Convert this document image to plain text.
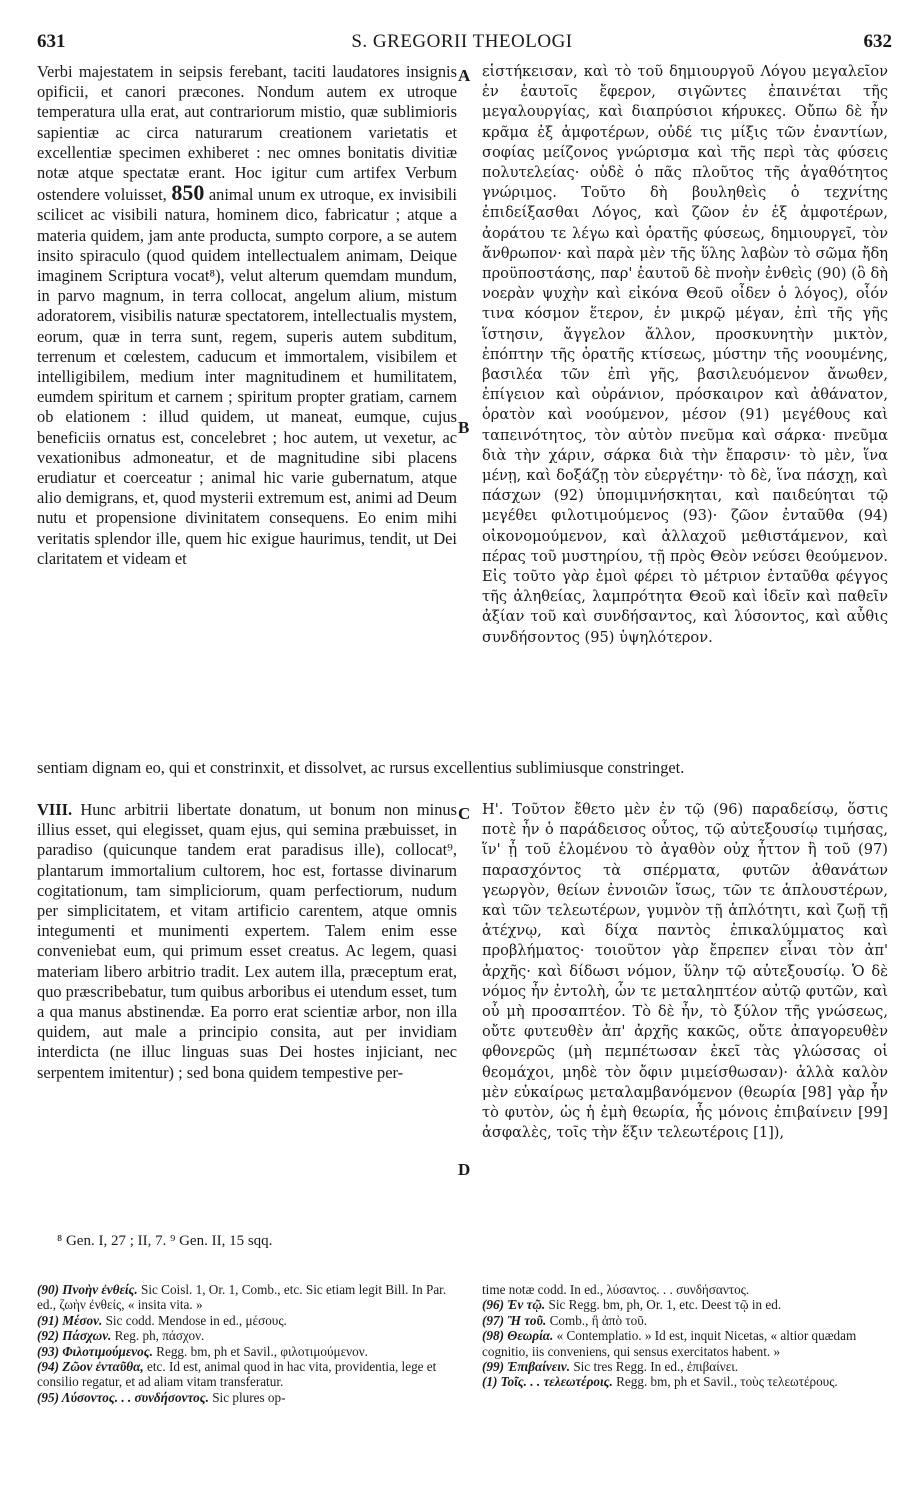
631	S. GREGORII THEOLOGI	632
A
B
C
D

Verbi majestatem in seipsis ferebant, taciti laudatores insignis opificii, et canori præcones. Nondum autem ex utroque temperatura ulla erat, aut contrariorum mistio, quæ sublimioris sapientiæ ac circa naturarum creationem varietatis et excellentiæ specimen exhiberet : nec omnes bonitatis divitiæ notæ atque spectatæ erant. Hoc igitur cum artifex Verbum ostendere voluisset, 850 animal unum ex utroque, ex invisibili scilicet ac visibili natura, hominem dico, fabricatur ; atque a materia quidem, jam ante producta, sumpto corpore, a se autem insito spiraculo (quod quidem intellectualem animam, Deique imaginem Scriptura vocat⁸), velut alterum quemdam mundum, in parvo magnum, in terra collocat, angelum alium, mistum adoratorem, visibilis naturæ spectatorem, intellectualis mystem, eorum, quæ in terra sunt, regem, superis autem subditum, terrenum et cœlestem, caducum et immortalem, visibilem et intelligibilem, medium inter magnitudinem et humilitatem, eumdem spiritum et carnem ; spiritum propter gratiam, carnem ob elationem : illud quidem, ut maneat, eumque, cujus beneficiis ornatus est, concelebret ; hoc autem, ut vexetur, ac vexationibus admoneatur, et de magnitudine sibi placens erudiatur et coerceatur ; animal hic varie gubernatum, atque alio demigrans, et, quod mysterii extremum est, animi ad Deum nutu et propensione divinitatem consequens. Eo enim mihi veritatis splendor ille, quem hic exigue haurimus, tendit, ut Dei claritatem et videam et

εἱστήκεισαν, καὶ τὸ τοῦ δημιουργοῦ Λόγου μεγαλεῖον ἐν ἑαυτοῖς ἔφερον, σιγῶντες ἐπαινέται τῆς μεγαλουργίας, καὶ διαπρύσιοι κήρυκες. Οὔπω δὲ ἦν κρᾶμα ἐξ ἀμφοτέρων, οὐδέ τις μίξις τῶν ἐναντίων, σοφίας μείζονος γνώρισμα καὶ τῆς περὶ τὰς φύσεις πολυτελείας· οὐδὲ ὁ πᾶς πλοῦτος τῆς ἀγαθότητος γνώριμος. Τοῦτο δὴ βουληθεὶς ὁ τεχνίτης ἐπιδείξασθαι Λόγος, καὶ ζῶον ἐν ἐξ ἀμφοτέρων, ἀοράτου τε λέγω καὶ ὁρατῆς φύσεως, δημιουργεῖ, τὸν ἄνθρωπον· καὶ παρὰ μὲν τῆς ὕλης λαβὼν τὸ σῶμα ἤδη προϋποστάσης, παρ' ἑαυτοῦ δὲ πνοὴν ἐνθεὶς (90) (ὃ δὴ νοερὰν ψυχὴν καὶ εἰκόνα Θεοῦ οἶδεν ὁ λόγος), οἷόν τινα κόσμον ἕτερον, ἐν μικρῷ μέγαν, ἐπὶ τῆς γῆς ἵστησιν, ἄγγελον ἄλλον, προσκυνητὴν μικτὸν, ἐπόπτην τῆς ὁρατῆς κτίσεως, μύστην τῆς νοουμένης, βασιλέα τῶν ἐπὶ γῆς, βασιλευόμενον ἄνωθεν, ἐπίγειον καὶ οὐράνιον, πρόσκαιρον καὶ ἀθάνατον, ὁρατὸν καὶ νοούμενον, μέσον (91) μεγέθους καὶ ταπεινότητος, τὸν αὐτὸν πνεῦμα καὶ σάρκα· πνεῦμα διὰ τὴν χάριν, σάρκα διὰ τὴν ἔπαρσιν· τὸ μὲν, ἵνα μένῃ, καὶ δοξάζῃ τὸν εὐεργέτην· τὸ δὲ, ἵνα πάσχῃ, καὶ πάσχων (92) ὑπομιμνήσκηται, καὶ παιδεύηται τῷ μεγέθει φιλοτιμούμενος (93)· ζῶον ἐνταῦθα (94) οἰκονομούμενον, καὶ ἀλλαχοῦ μεθιστάμενον, καὶ πέρας τοῦ μυστηρίου, τῇ πρὸς Θεὸν νεύσει θεούμενον. Εἰς τοῦτο γὰρ ἐμοὶ φέρει τὸ μέτριον ἐνταῦθα φέγγος τῆς ἀληθείας, λαμπρότητα Θεοῦ καὶ ἰδεῖν καὶ παθεῖν ἀξίαν τοῦ καὶ συνδήσαντος, καὶ λύσοντος, καὶ αὖθις συνδήσοντος (95) ὑψηλότερον.

sentiam dignam eo, qui et constrinxit, et dissolvet, ac rursus excellentius sublimiusque constringet.

VIII. Hunc arbitrii libertate donatum, ut bonum non minus illius esset, qui elegisset, quam ejus, qui semina præbuisset, in paradiso (quicunque tandem erat paradisus ille), collocat⁹, plantarum immortalium cultorem, hoc est, fortasse divinarum cogitationum, tam simpliciorum, quam perfectiorum, nudum per simplicitatem, et vitam artificio carentem, atque omnis integumenti et munimenti expertem. Talem enim esse conveniebat eum, qui primum esset creatus. Ac legem, quasi materiam libero arbitrio tradit. Lex autem illa, præceptum erat, quo præscribebatur, tum quibus arboribus ei utendum esset, tum a qua manus abstinendæ. Ea porro erat scientiæ arbor, non illa quidem, aut male a principio consita, aut per invidiam interdicta (ne illuc linguas suas Dei hostes injiciant, nec serpentem imitentur) ; sed bona quidem tempestive per-

Η'. Τοῦτον ἔθετο μὲν ἐν τῷ (96) παραδείσῳ, ὅστις ποτὲ ἦν ὁ παράδεισος οὗτος, τῷ αὐτεξουσίῳ τιμήσας, ἵν' ᾖ τοῦ ἑλομένου τὸ ἀγαθὸν οὐχ ἧττον ἢ τοῦ (97) παρασχόντος τὰ σπέρματα, φυτῶν ἀθανάτων γεωργὸν, θείων ἐννοιῶν ἴσως, τῶν τε ἁπλουστέρων, καὶ τῶν τελεωτέρων, γυμνὸν τῇ ἁπλότητι, καὶ ζωῇ τῇ ἀτέχνῳ, καὶ δίχα παντὸς ἐπικαλύμματος καὶ προβλήματος· τοιοῦτον γὰρ ἔπρεπεν εἶναι τὸν ἀπ' ἀρχῆς· καὶ δίδωσι νόμον, ὕλην τῷ αὐτεξουσίῳ. Ὁ δὲ νόμος ἦν ἐντολὴ, ὧν τε μεταληπτέον αὐτῷ φυτῶν, καὶ οὗ μὴ προσαπτέον. Τὸ δὲ ἦν, τὸ ξύλον τῆς γνώσεως, οὔτε φυτευθὲν ἀπ' ἀρχῆς κακῶς, οὔτε ἀπαγορευθὲν φθονερῶς (μὴ πεμπέτωσαν ἐκεῖ τὰς γλώσσας οἱ θεομάχοι, μηδὲ τὸν ὄφιν μιμείσθωσαν)· ἀλλὰ καλὸν μὲν εὐκαίρως μεταλαμβανόμενον (θεωρία [98] γὰρ ἦν τὸ φυτὸν, ὡς ἡ ἐμὴ θεωρία, ἧς μόνοις ἐπιβαίνειν [99] ἀσφαλὲς, τοῖς τὴν ἕξιν τελεωτέροις [1]),

⁸ Gen. I, 27 ; II, 7. ⁹ Gen. II, 15 sqq.

(90) Πνοὴν ἐνθείς. Sic Coisl. 1, Or. 1, Comb., etc. Sic etiam legit Bill. In Par. ed., ζωὴν ἐνθείς, « insita vita. »

(91) Μέσον. Sic codd. Mendose in ed., μέσους.

(92) Πάσχων. Reg. ph, πάσχον.

(93) Φιλοτιμούμενος. Regg. bm, ph et Savil., φιλοτιμούμενον.

(94) Ζῶον ἐνταῦθα, etc. Id est, animal quod in hac vita, providentia, lege et consilio regatur, et ad aliam vitam transferatur.

(95) Λύσοντος. . . συνδήσοντος. Sic plures op-

time notæ codd. In ed., λύσαντος. . . συνδήσαντος.

(96) Ἐν τῷ. Sic Regg. bm, ph, Or. 1, etc. Deest τῷ in ed.

(97) Ἢ τοῦ. Comb., ἢ ἀπὸ τοῦ.

(98) Θεωρία. « Contemplatio. » Id est, inquit Nicetas, « altior quædam cognitio, iis conveniens, qui sensus exercitatos habent. »

(99) Ἐπιβαίνειν. Sic tres Regg. In ed., ἐπιβαίνει.

(1) Τοῖς. . . τελεωτέροις. Regg. bm, ph et Savil., τοὺς τελεωτέρους.
